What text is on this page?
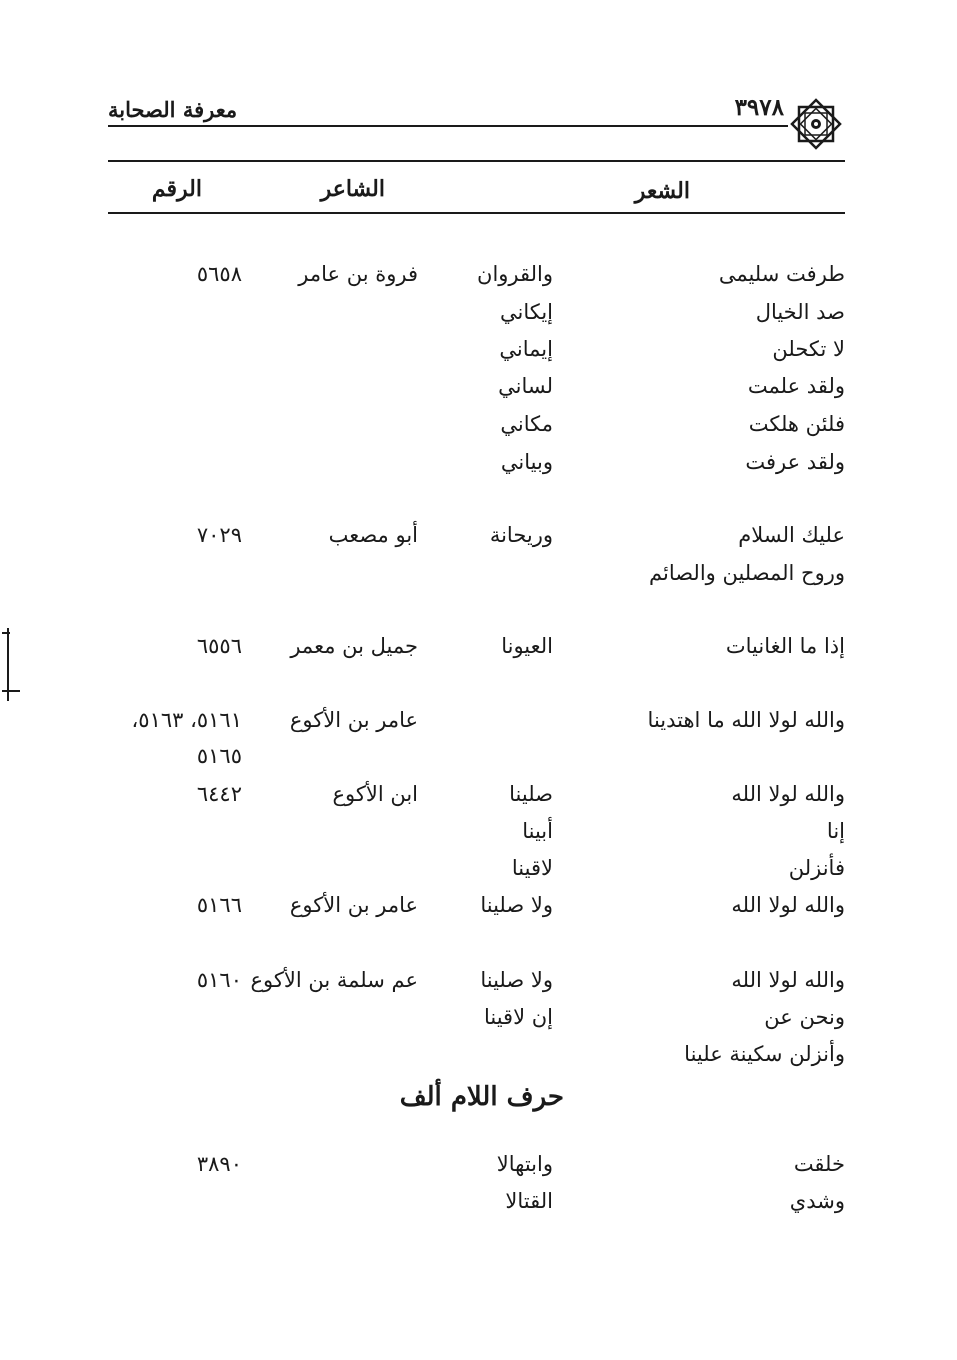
معرفة الصحابة	٣٩٧٨
الشعر
الشاعر
الرقم
طرفت سليمى
والقروان
فروة بن عامر
٥٦٥٨
صد الخيال
إيكاني
لا تكحلن
إيماني
ولقد علمت
لساني
فلئن هلكت
مكاني
ولقد عرفت
وبياني
عليك السلام
وريحانة
أبو مصعب
٧٠٢٩
وروح المصلين والصائم
إذا ما الغانيات
العيونا
جميل بن معمر
٦٥٥٦
والله لولا الله ما اهتدينا
عامر بن الأكوع
٥١٦١، ٥١٦٣،
٥١٦٥
والله لولا الله
صلينا
ابن الأكوع
٦٤٤٢
إنا
أبينا
فأنزلن
لاقينا
والله لولا الله
ولا صلينا
عامر بن الأكوع
٥١٦٦
والله لولا الله
ولا صلينا
عم سلمة بن الأكوع
٥١٦٠
ونحن عن
إن لاقينا
وأنزلن سكينة علينا
خلقت
وابتهالا
٣٨٩٠
وشدي
القتالا
حرف اللام ألف
